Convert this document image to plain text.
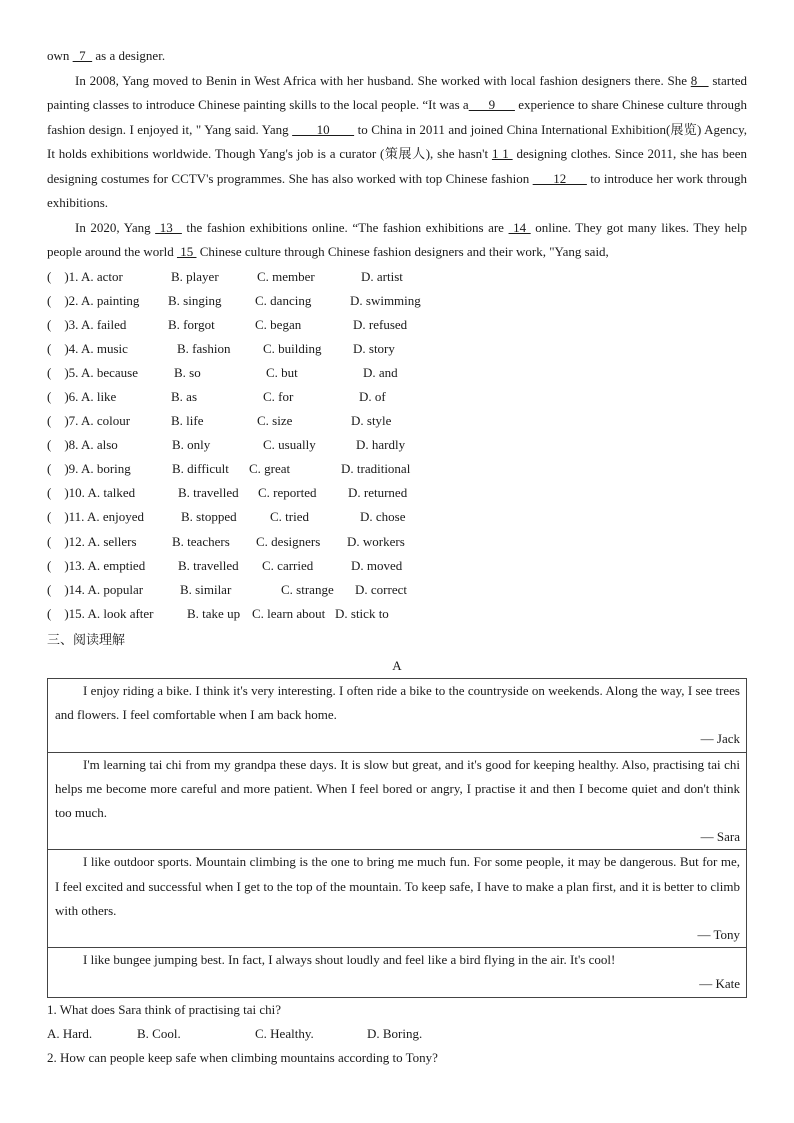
own   7   as a designer.

In 2008, Yang moved to Benin in West Africa with her husband. She worked with local fashion designers there. She 8    started painting classes to introduce Chinese painting skills to the local people. “It was a      9       experience to share Chinese culture through fashion design. I enjoyed it, " Yang said. Yang        10        to China in 2011 and joined China International Exhibition(展览) Agency, It holds exhibitions worldwide. Though Yang's job is a curator (策展人), she hasn't 1 1  designing clothes. Since 2011, she has been designing costumes for CCTV's programmes. She has also worked with top Chinese fashion       12       to introduce her work through exhibitions.

In 2020, Yang  13   the fashion exhibitions online. “The fashion exhibitions are  14  online. They got many likes. They help people around the world  15  Chinese culture through Chinese fashion designers and their work, "Yang said,

(    )1. A. actor	B. player	C. member	D. artist
(    )2. A. painting	B. singing	C. dancing	D. swimming
(    )3. A. failed	B. forgot	C. began	D. refused
(    )4. A. music	B. fashion	C. building	D. story
(    )5. A. because	B. so	C. but	D. and
(    )6. A. like	B. as	C. for	D. of
(    )7. A. colour	B. life	C. size	D. style
(    )8. A. also	B. only	C. usually	D. hardly
(    )9. A. boring	B. difficult	C. great	D. traditional
(    )10. A. talked	B. travelled	C. reported	D. returned
(    )11. A. enjoyed	B. stopped	C. tried	D. chose
(    )12. A. sellers	B. teachers	C. designers	D. workers
(    )13. A. emptied	B. travelled	C. carried	D. moved
(    )14. A. popular	B. similar	C. strange	D. correct
(    )15. A. look after	B. take up C. learn about D. stick to
三、阅读理解
A

I enjoy riding a bike. I think it's very interesting. I often ride a bike to the countryside on weekends. Along the way, I see trees and flowers. I feel comfortable when I am back home.

— Jack

I'm learning tai chi from my grandpa these days. It is slow but great, and it's good for keeping healthy. Also, practising tai chi helps me become more careful and more patient. When I feel bored or angry, I practise it and then I become quiet and don't think too much.

— Sara

I like outdoor sports. Mountain climbing is the one to bring me much fun. For some people, it may be dangerous. But for me, I feel excited and successful when I get to the top of the mountain. To keep safe, I have to make a plan first, and it is better to climb with others.

— Tony

I like bungee jumping best. In fact, I always shout loudly and feel like a bird flying in the air. It's cool!

— Kate

1. What does Sara think of practising tai chi?

A. Hard.	B. Cool.	C. Healthy.	D. Boring.

2. How can people keep safe when climbing mountains according to Tony?
